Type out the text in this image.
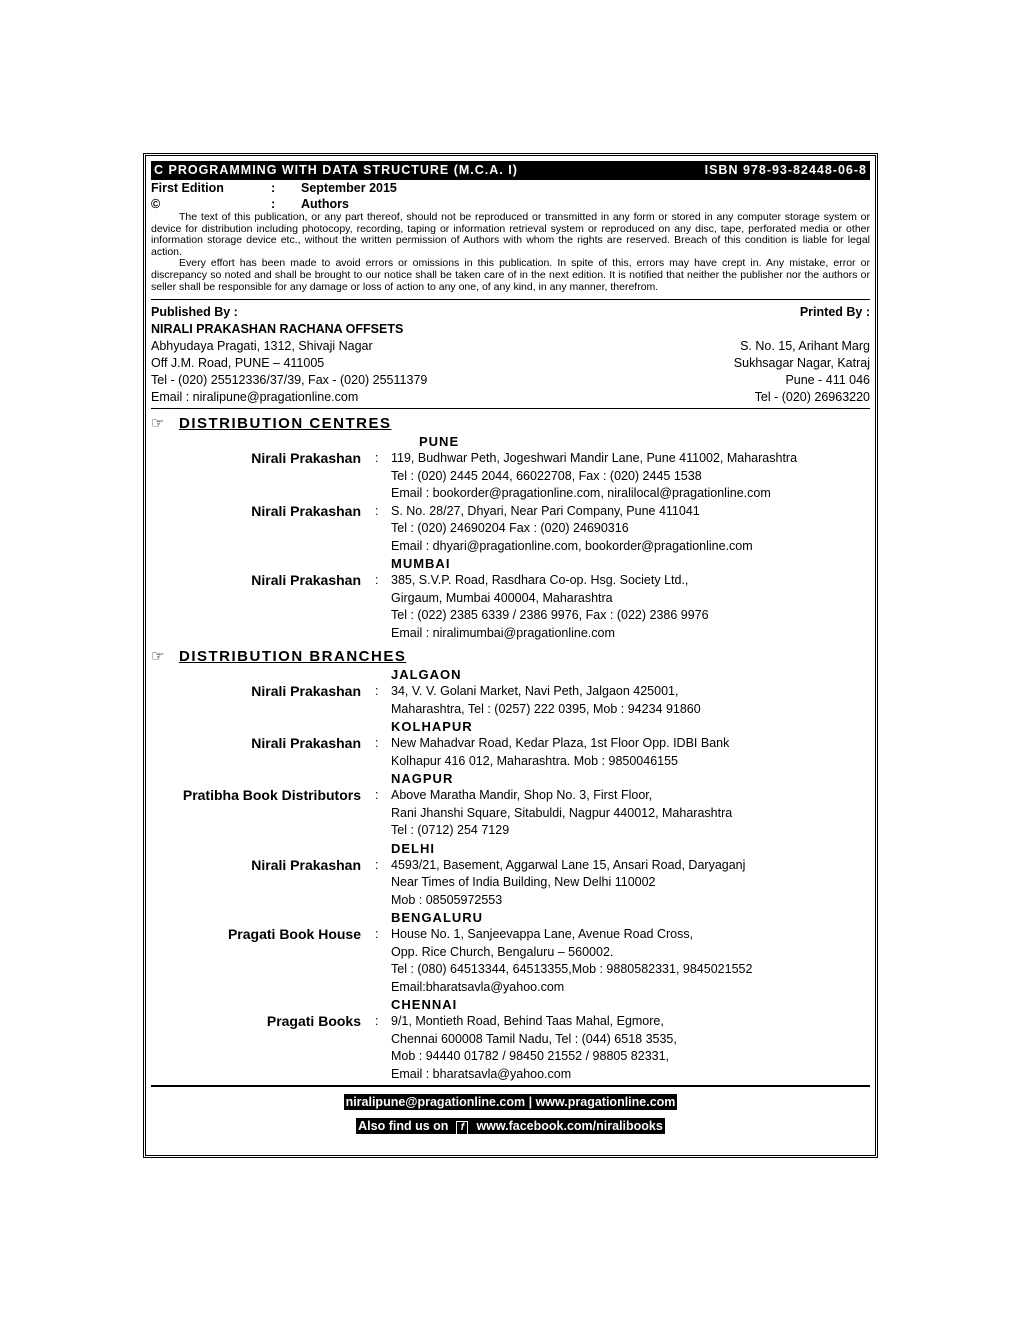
C PROGRAMMING WITH DATA STRUCTURE (M.C.A. I)	ISBN 978-93-82448-06-8
First Edition	:	September 2015
©	:	Authors

The text of this publication, or any part thereof, should not be reproduced or transmitted in any form or stored in any computer storage system or device for distribution including photocopy, recording, taping or information retrieval system or reproduced on any disc, tape, perforated media or other information storage device etc., without the written permission of Authors with whom the rights are reserved. Breach of this condition is liable for legal action.

Every effort has been made to avoid errors or omissions in this publication. In spite of this, errors may have crept in. Any mistake, error or discrepancy so noted and shall be brought to our notice shall be taken care of in the next edition. It is notified that neither the publisher nor the authors or seller shall be responsible for any damage or loss of action to any one, of any kind, in any manner, therefrom.

Published By :	Printed By :
NIRALI PRAKASHAN RACHANA OFFSETS
Abhyudaya Pragati, 1312, Shivaji Nagar	S. No. 15, Arihant Marg
Off J.M. Road, PUNE – 411005	Sukhsagar Nagar, Katraj
Tel - (020) 25512336/37/39, Fax - (020) 25511379	Pune - 411 046
Email : niralipune@pragationline.com	Tel - (020) 26963220
☞ DISTRIBUTION CENTRES
PUNE
Nirali Prakashan	:	119, Budhwar Peth, Jogeshwari Mandir Lane, Pune 411002, Maharashtra
Tel : (020) 2445 2044, 66022708, Fax : (020) 2445 1538
Email : bookorder@pragationline.com, niralilocal@pragationline.com
Nirali Prakashan	:	S. No. 28/27, Dhyari, Near Pari Company, Pune 411041
Tel : (020) 24690204 Fax : (020) 24690316
Email : dhyari@pragationline.com, bookorder@pragationline.com
MUMBAI
Nirali Prakashan	:	385, S.V.P. Road, Rasdhara Co-op. Hsg. Society Ltd.,
Girgaum, Mumbai 400004, Maharashtra
Tel : (022) 2385 6339 / 2386 9976, Fax : (022) 2386 9976
Email : niralimumbai@pragationline.com
☞ DISTRIBUTION BRANCHES
JALGAON
Nirali Prakashan	:	34, V. V. Golani Market, Navi Peth, Jalgaon 425001,
Maharashtra, Tel : (0257) 222 0395, Mob : 94234 91860
KOLHAPUR
Nirali Prakashan	:	New Mahadvar Road, Kedar Plaza, 1st Floor Opp. IDBI Bank
Kolhapur 416 012, Maharashtra. Mob : 9850046155
NAGPUR
Pratibha Book Distributors	:	Above Maratha Mandir, Shop No. 3, First Floor,
Rani Jhanshi Square, Sitabuldi, Nagpur 440012, Maharashtra
Tel : (0712) 254 7129
DELHI
Nirali Prakashan	:	4593/21, Basement, Aggarwal Lane 15, Ansari Road, Daryaganj
Near Times of India Building, New Delhi 110002
Mob : 08505972553
BENGALURU
Pragati Book House	:	House No. 1, Sanjeevappa Lane, Avenue Road Cross,
Opp. Rice Church, Bengaluru – 560002.
Tel : (080) 64513344, 64513355,Mob : 9880582331, 9845021552
Email:bharatsavla@yahoo.com
CHENNAI
Pragati Books	:	9/1, Montieth Road, Behind Taas Mahal, Egmore,
Chennai 600008 Tamil Nadu, Tel : (044) 6518 3535,
Mob : 94440 01782 / 98450 21552 / 98805 82331,
Email : bharatsavla@yahoo.com
niralipune@pragationline.com | www.pragationline.com
Also find us on f www.facebook.com/niralibooks
